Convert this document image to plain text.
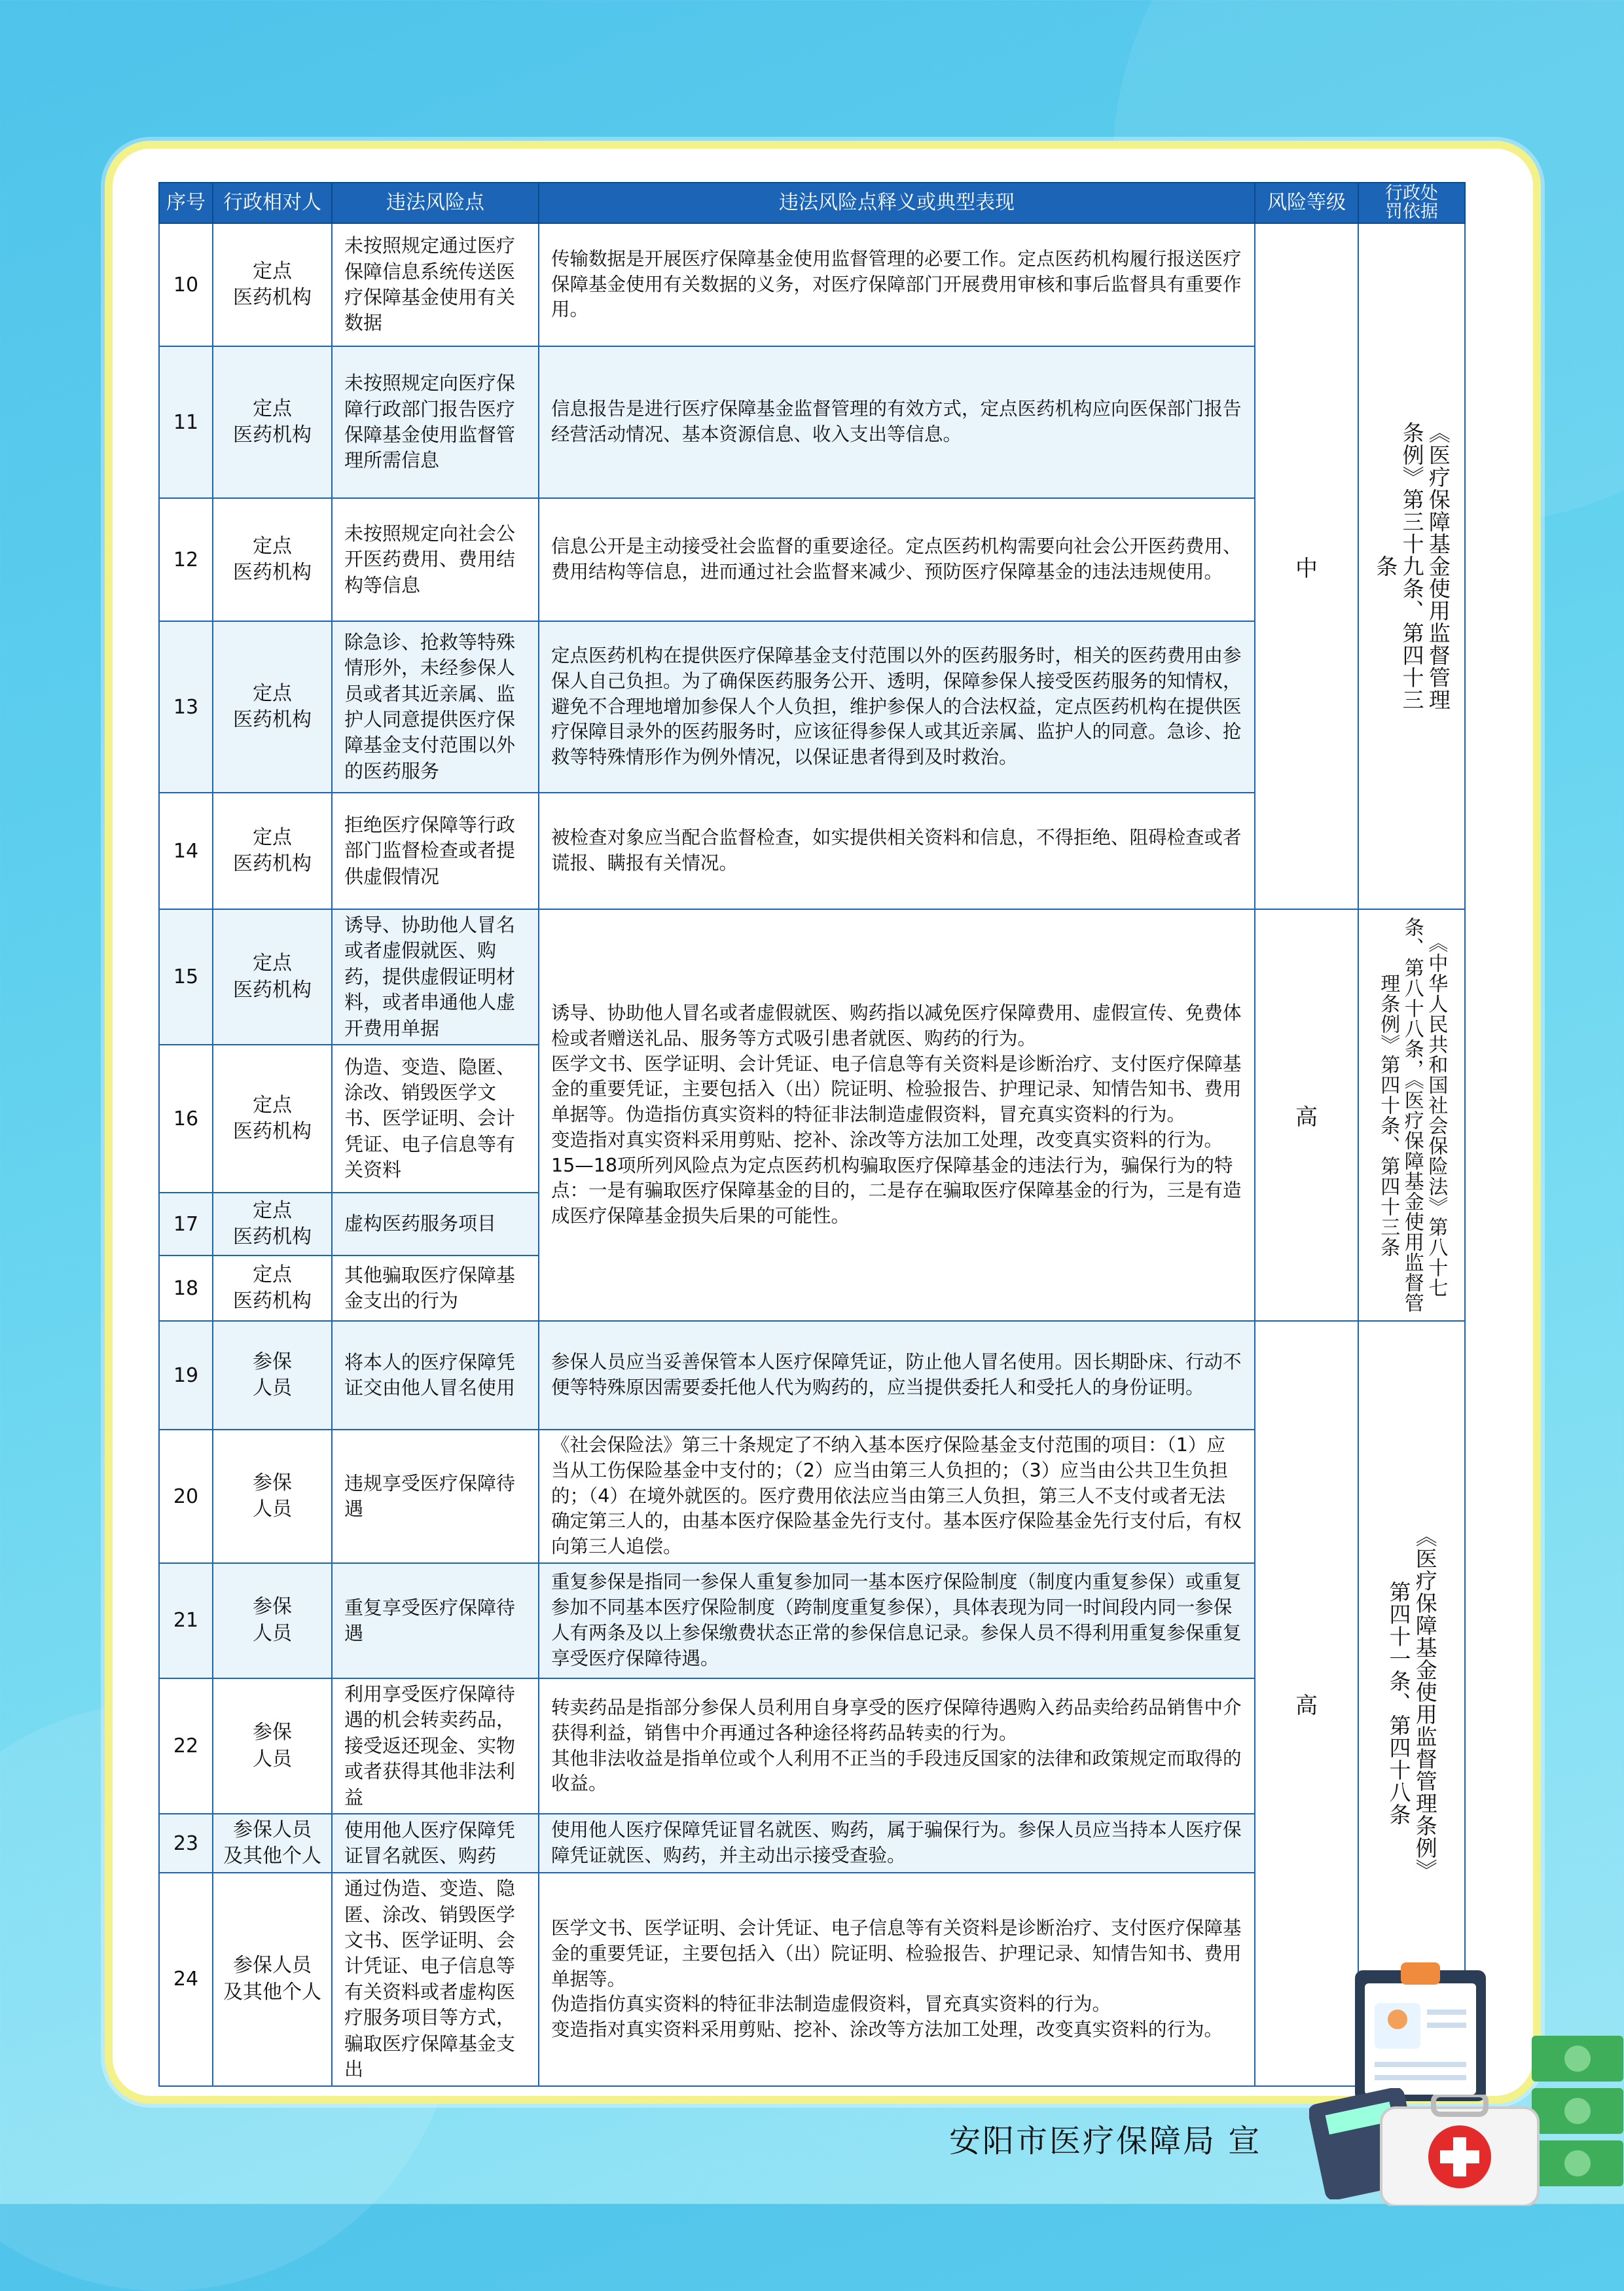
序号	行政相对人	违法风险点	违法风险点释义或典型表现	风险等级	行政处罚依据

10	定点
医药机构	未按照规定通过医疗保障信息系统传送医疗保障基金使用有关数据	传输数据是开展医疗保障基金使用监督管理的必要工作。定点医药机构履行报送医疗保障基金使用有关数据的义务，对医疗保障部门开展费用审核和事后监督具有重要作用。	中	《医疗保障基金使用监督管理条例》第三十九条、第四十三条

11	定点
医药机构	未按照规定向医疗保障行政部门报告医疗保障基金使用监督管理所需信息	信息报告是进行医疗保障基金监督管理的有效方式，定点医药机构应向医保部门报告经营活动情况、基本资源信息、收入支出等信息。		

12	定点
医药机构	未按照规定向社会公开医药费用、费用结构等信息	信息公开是主动接受社会监督的重要途径。定点医药机构需要向社会公开医药费用、费用结构等信息，进而通过社会监督来减少、预防医疗保障基金的违法违规使用。		

13	定点
医药机构	除急诊、抢救等特殊情形外，未经参保人员或者其近亲属、监护人同意提供医疗保障基金支付范围以外的医药服务	定点医药机构在提供医疗保障基金支付范围以外的医药服务时，相关的医药费用由参保人自己负担。为了确保医药服务公开、透明，保障参保人接受医药服务的知情权，避免不合理地增加参保人个人负担，维护参保人的合法权益，定点医药机构在提供医疗保障目录外的医药服务时，应该征得参保人或其近亲属、监护人的同意。急诊、抢救等特殊情形作为例外情况，以保证患者得到及时救治。		

14	定点
医药机构	拒绝医疗保障等行政部门监督检查或者提供虚假情况	被检查对象应当配合监督检查，如实提供相关资料和信息，不得拒绝、阻碍检查或者谎报、瞒报有关情况。		

15	定点
医药机构	诱导、协助他人冒名或者虚假就医、购药，提供虚假证明材料，或者串通他人虚开费用单据	诱导、协助他人冒名或者虚假就医、购药指以减免医疗保障费用、虚假宣传、免费体检或者赠送礼品、服务等方式吸引患者就医、购药的行为。
医学文书、医学证明、会计凭证、电子信息等有关资料是诊断治疗、支付医疗保障基金的重要凭证，主要包括入（出）院证明、检验报告、护理记录、知情告知书、费用单据等。伪造指仿真实资料的特征非法制造虚假资料，冒充真实资料的行为。
变造指对真实资料采用剪贴、挖补、涂改等方法加工处理，改变真实资料的行为。
15—18项所列风险点为定点医药机构骗取医疗保障基金的违法行为，骗保行为的特点：一是有骗取医疗保障基金的目的，二是存在骗取医疗保障基金的行为，三是有造成医疗保障基金损失后果的可能性。	高	《中华人民共和国社会保险法》第八十七条、第八十八条，《医疗保障基金使用监督管理条例》第四十条、第四十三条

16	定点
医药机构	伪造、变造、隐匿、涂改、销毁医学文书、医学证明、会计凭证、电子信息等有关资料			

17	定点
医药机构	虚构医药服务项目			

18	定点
医药机构	其他骗取医疗保障基金支出的行为			

19	参保
人员	将本人的医疗保障凭证交由他人冒名使用	参保人员应当妥善保管本人医疗保障凭证，防止他人冒名使用。因长期卧床、行动不便等特殊原因需要委托他人代为购药的，应当提供委托人和受托人的身份证明。	高	《医疗保障基金使用监督管理条例》第四十一条、第四十八条

20	参保
人员	违规享受医疗保障待遇	《社会保险法》第三十条规定了不纳入基本医疗保险基金支付范围的项目：（1）应当从工伤保险基金中支付的；（2）应当由第三人负担的；（3）应当由公共卫生负担的；（4）在境外就医的。医疗费用依法应当由第三人负担，第三人不支付或者无法确定第三人的，由基本医疗保险基金先行支付。基本医疗保险基金先行支付后，有权向第三人追偿。		

21	参保
人员	重复享受医疗保障待遇	重复参保是指同一参保人重复参加同一基本医疗保险制度（制度内重复参保）或重复参加不同基本医疗保险制度（跨制度重复参保），具体表现为同一时间段内同一参保人有两条及以上参保缴费状态正常的参保信息记录。参保人员不得利用重复参保重复享受医疗保障待遇。		

22	参保
人员	利用享受医疗保障待遇的机会转卖药品，接受返还现金、实物或者获得其他非法利益	转卖药品是指部分参保人员利用自身享受的医疗保障待遇购入药品卖给药品销售中介获得利益，销售中介再通过各种途径将药品转卖的行为。
其他非法收益是指单位或个人利用不正当的手段违反国家的法律和政策规定而取得的收益。		

23	参保人员
及其他个人	使用他人医疗保障凭证冒名就医、购药	使用他人医疗保障凭证冒名就医、购药，属于骗保行为。参保人员应当持本人医疗保障凭证就医、购药，并主动出示接受查验。		

24	参保人员
及其他个人	通过伪造、变造、隐匿、涂改、销毁医学文书、医学证明、会计凭证、电子信息等有关资料或者虚构医疗服务项目等方式，骗取医疗保障基金支出	医学文书、医学证明、会计凭证、电子信息等有关资料是诊断治疗、支付医疗保障基金的重要凭证，主要包括入（出）院证明、检验报告、护理记录、知情告知书、费用单据等。
伪造指仿真实资料的特征非法制造虚假资料，冒充真实资料的行为。
变造指对真实资料采用剪贴、挖补、涂改等方法加工处理，改变真实资料的行为。		
安阳市医疗保障局 宣
